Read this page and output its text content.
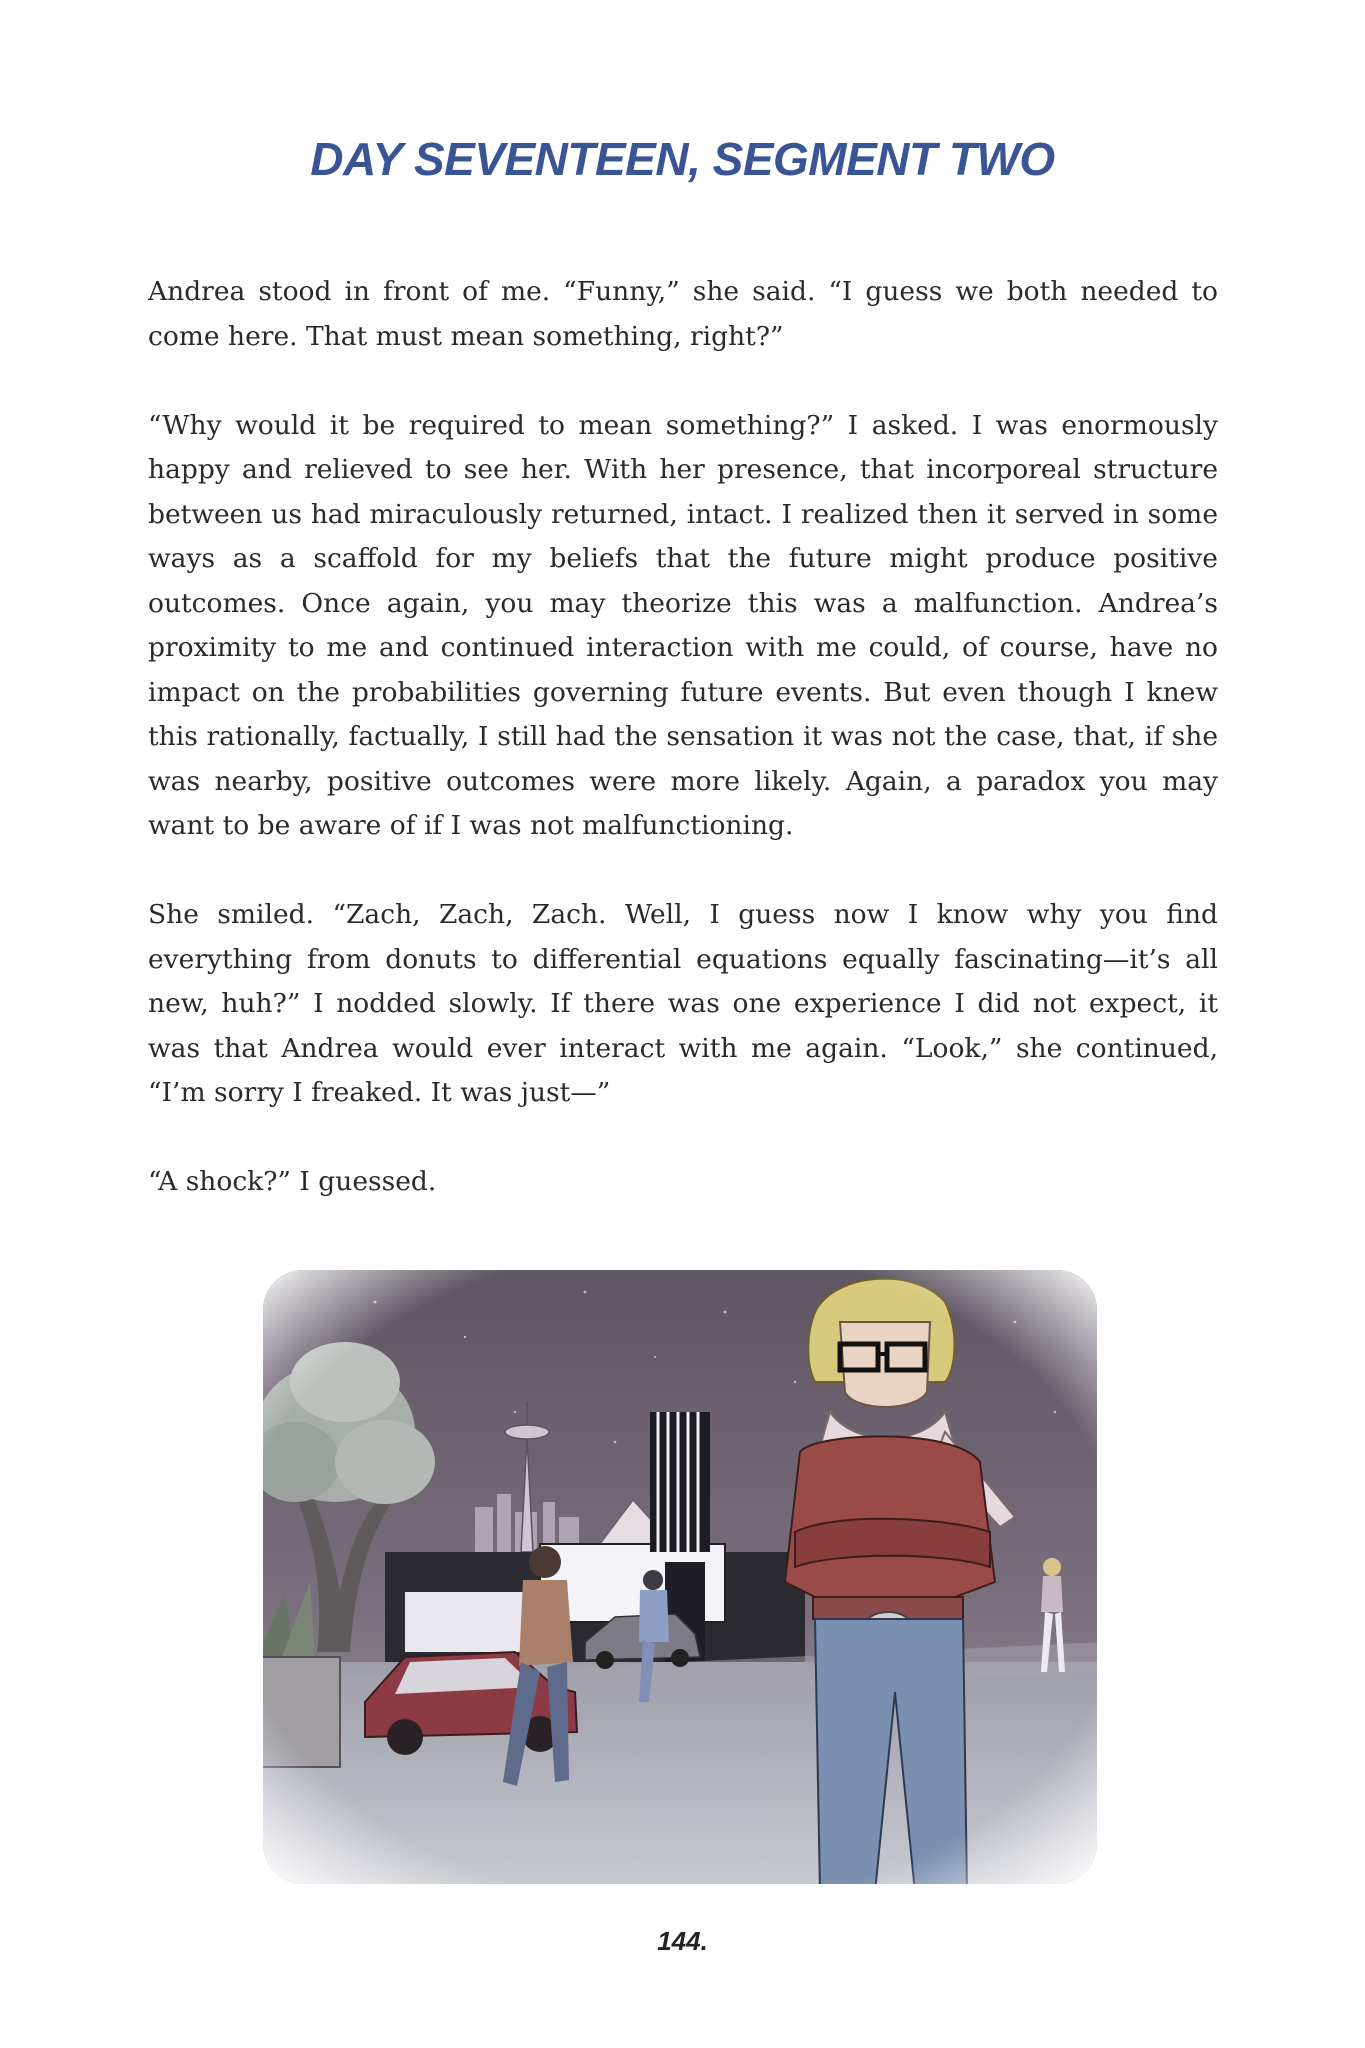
DAY SEVENTEEN, SEGMENT TWO

Andrea stood in front of me. “Funny,” she said. “I guess we both needed to come here. That must mean something, right?”

“Why would it be required to mean something?” I asked. I was enormously happy and relieved to see her. With her presence, that incorporeal structure between us had miraculously returned, intact. I realized then it served in some ways as a scaffold for my beliefs that the future might produce positive outcomes. Once again, you may theorize this was a malfunction. Andrea’s proximity to me and continued interaction with me could, of course, have no impact on the probabilities governing future events. But even though I knew this rationally, factually, I still had the sensation it was not the case, that, if she was nearby, positive outcomes were more likely. Again, a paradox you may want to be aware of if I was not malfunctioning.

She smiled. “Zach, Zach, Zach. Well, I guess now I know why you find everything from donuts to differential equations equally fascinating—it’s all new, huh?” I nodded slowly. If there was one experience I did not expect, it was that Andrea would ever interact with me again. “Look,” she continued, “I’m sorry I freaked. It was just—”

“A shock?” I guessed.

144.
